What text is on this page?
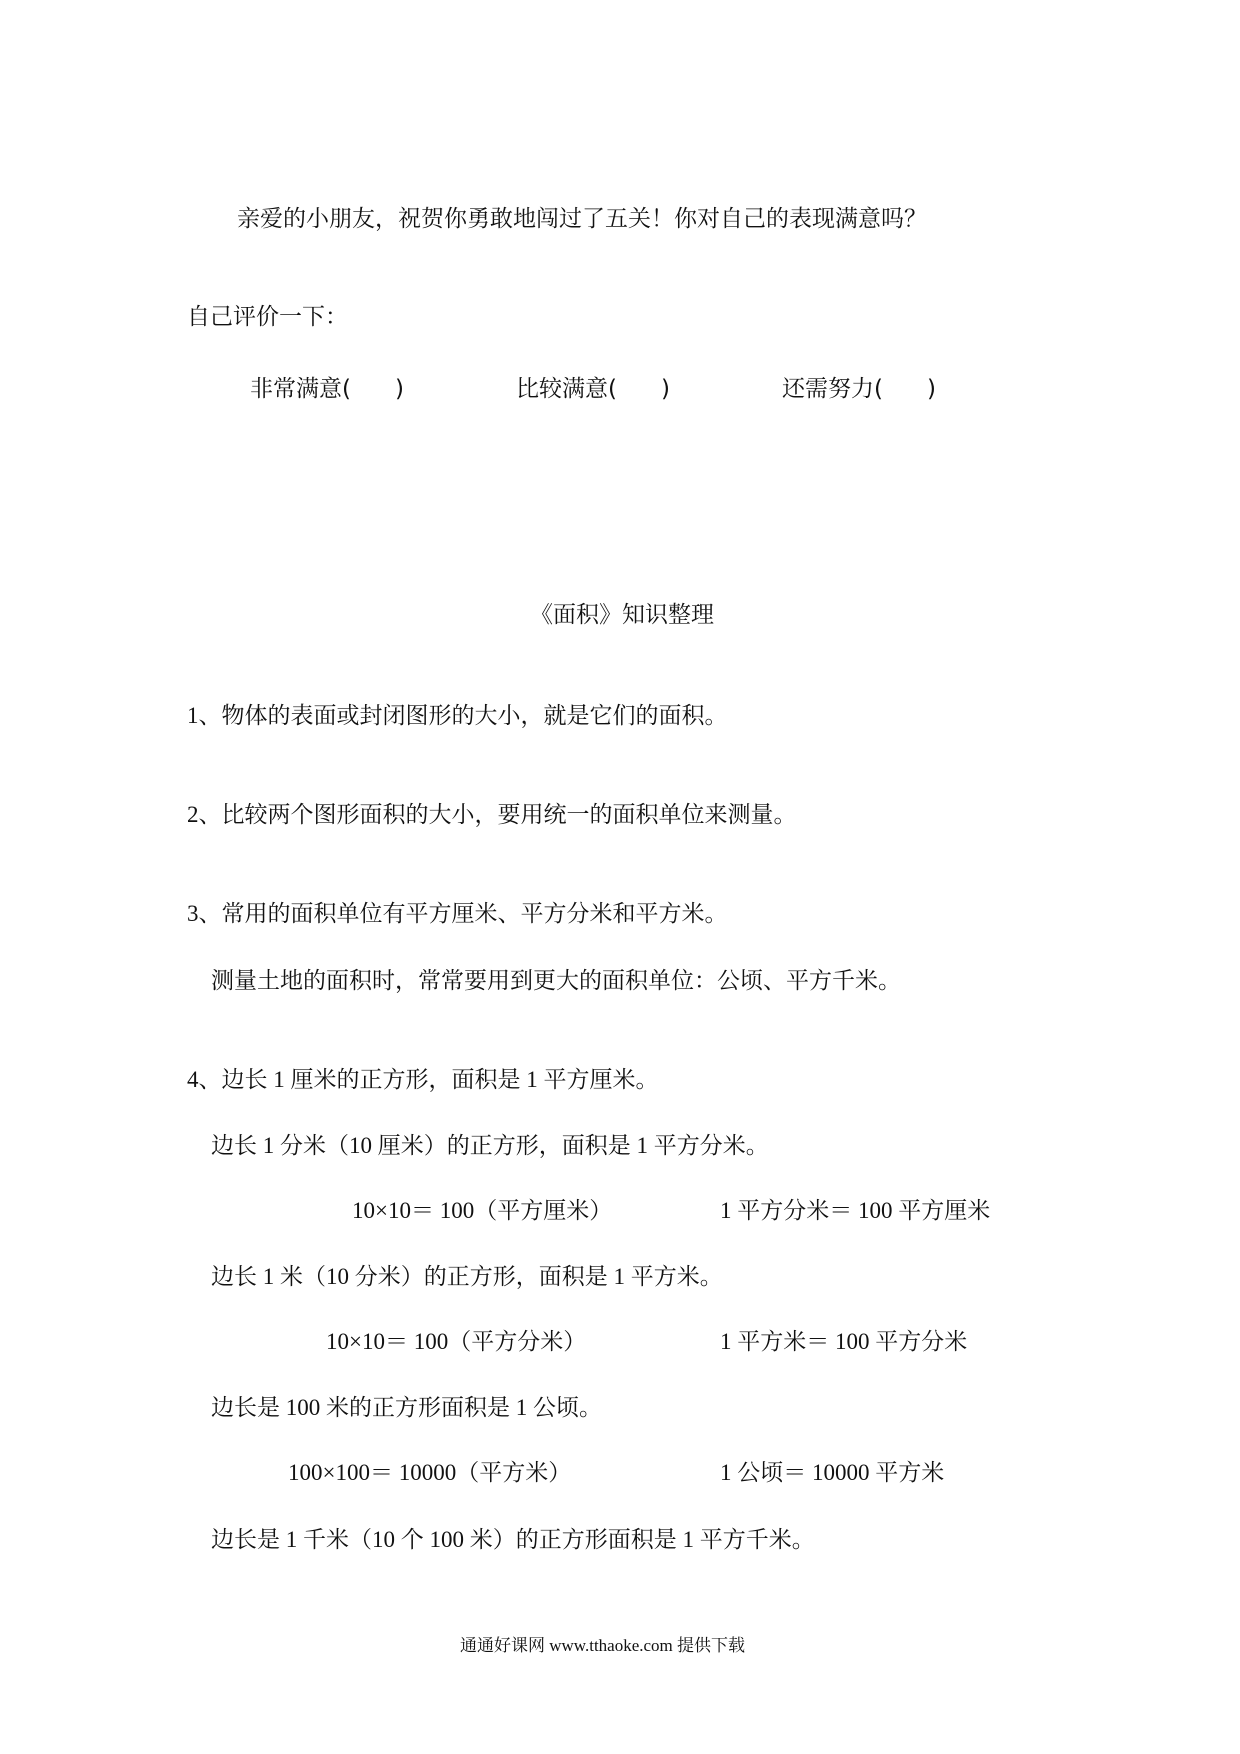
亲爱的小朋友，祝贺你勇敢地闯过了五关！你对自己的表现满意吗？
自己评价一下：
非常满意( )	比较满意( )	还需努力( )
《面积》知识整理
1、物体的表面或封闭图形的大小，就是它们的面积。
2、比较两个图形面积的大小，要用统一的面积单位来测量。
3、常用的面积单位有平方厘米、平方分米和平方米。
测量土地的面积时，常常要用到更大的面积单位：公顷、平方千米。
4、边长 1 厘米的正方形，面积是 1 平方厘米。
边长 1 分米（10 厘米）的正方形，面积是 1 平方分米。
10×10＝ 100（平方厘米）	1 平方分米＝ 100 平方厘米
边长 1 米（10 分米）的正方形，面积是 1 平方米。
10×10＝ 100（平方分米）	1 平方米＝ 100 平方分米
边长是 100 米的正方形面积是 1 公顷。
100×100＝ 10000（平方米）	1 公顷＝ 10000 平方米
边长是 1 千米（10 个 100 米）的正方形面积是 1 平方千米。
通通好课网 www.tthaoke.com 提供下载
